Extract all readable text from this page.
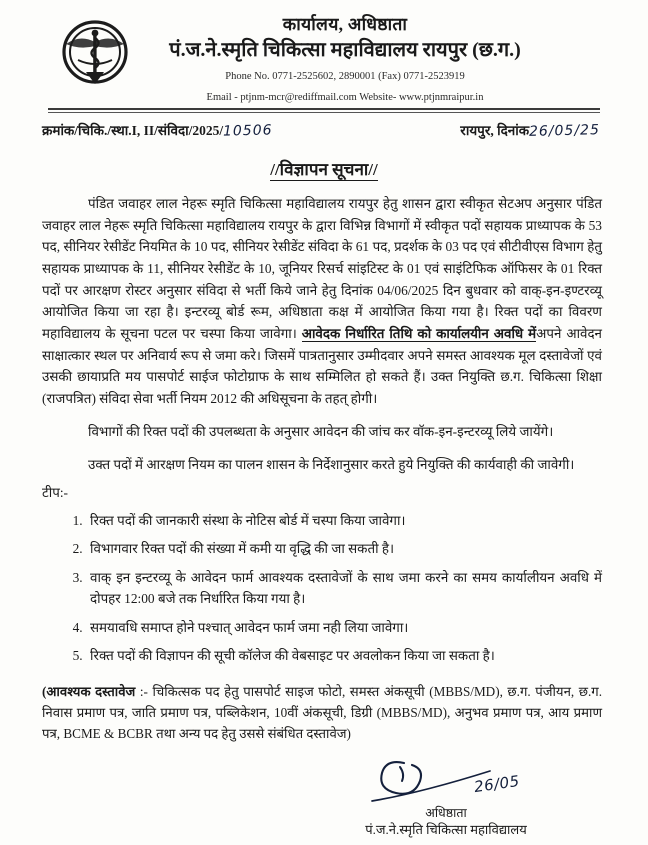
कार्यालय, अधिष्ठाता
पं.ज.ने.स्मृति चिकित्सा महाविद्यालय रायपुर (छ.ग.)
Phone No. 0771-2525602, 2890001 (Fax) 0771-2523919
Email - ptjnm-mcr@rediffmail.com Website- www.ptjnmraipur.in
क्रमांक/चिकि./स्था.I, II/संविदा/2025/10506	रायपुर, दिनांक26/05/25
//विज्ञापन सूचना//

पंडित जवाहर लाल नेहरू स्मृति चिकित्सा महाविद्यालय रायपुर हेतु शासन द्वारा स्वीकृत सेटअप अनुसार पंडित जवाहर लाल नेहरू स्मृति चिकित्सा महाविद्यालय रायपुर के द्वारा विभिन्न विभागों में स्वीकृत पदों सहायक प्राध्यापक के 53 पद, सीनियर रेसीडेंट नियमित के 10 पद, सीनियर रेसीडेंट संविदा के 61 पद, प्रदर्शक के 03 पद एवं सीटीवीएस विभाग हेतु सहायक प्राध्यापक के 11, सीनियर रेसीडेंट के 10, जूनियर रिसर्च सांइटिस्ट के 01 एवं साइंटिफिक ऑफिसर के 01 रिक्त पदों पर आरक्षण रोस्टर अनुसार संविदा से भर्ती किये जाने हेतु दिनांक 04/06/2025 दिन बुधवार को वाक्-इन-इण्टरव्यू आयोजित किया जा रहा है। इन्टरव्यू बोर्ड रूम, अधिष्ठाता कक्ष में आयोजित किया गया है। रिक्त पदों का विवरण महाविद्यालय के सूचना पटल पर चस्पा किया जावेगा। आवेदक निर्धारित तिथि को कार्यालयीन अवधि मेंअपने आवेदन साक्षात्कार स्थल पर अनिवार्य रूप से जमा करे। जिसमें पात्रतानुसार उम्मीदवार अपने समस्त आवश्यक मूल दस्तावेजों एवं उसकी छायाप्रति मय पासपोर्ट साईज फोटोग्राफ के साथ सम्मिलित हो सकते हैं। उक्त नियुक्ति छ.ग. चिकित्सा शिक्षा (राजपत्रित) संविदा सेवा भर्ती नियम 2012 की अधिसूचना के तहत् होगी।

विभागों की रिक्त पदों की उपलब्धता के अनुसार आवेदन की जांच कर वॉक-इन-इन्टरव्यू लिये जायेंगे।

उक्त पदों में आरक्षण नियम का पालन शासन के निर्देशानुसार करते हुये नियुक्ति की कार्यवाही की जावेगी।

टीप:-
1. रिक्त पदों की जानकारी संस्था के नोटिस बोर्ड में चस्पा किया जावेगा।
2. विभागवार रिक्त पदों की संख्या में कमी या वृद्धि की जा सकती है।
3. वाक् इन इन्टरव्यू के आवेदन फार्म आवश्यक दस्तावेजों के साथ जमा करने का समय कार्यालीयन अवधि में दोपहर 12:00 बजे तक निर्धारित किया गया है।
4. समयावधि समाप्त होने पश्चात् आवेदन फार्म जमा नही लिया जावेगा।
5. रिक्त पदों की विज्ञापन की सूची कॉलेज की वेबसाइट पर अवलोकन किया जा सकता है।
(आवश्यक दस्तावेज :- चिकित्सक पद हेतु पासपोर्ट साइज फोटो, समस्त अंकसूची (MBBS/MD), छ.ग. पंजीयन, छ.ग. निवास प्रमाण पत्र, जाति प्रमाण पत्र, पब्लिकेशन, 10वीं अंकसूची, डिग्री (MBBS/MD), अनुभव प्रमाण पत्र, आय प्रमाण पत्र, BCME & BCBR तथा अन्य पद हेतु उससे संबंधित दस्तावेज)
26/05
अधिष्ठाता
पं.ज.ने.स्मृति चिकित्सा महाविद्यालय
